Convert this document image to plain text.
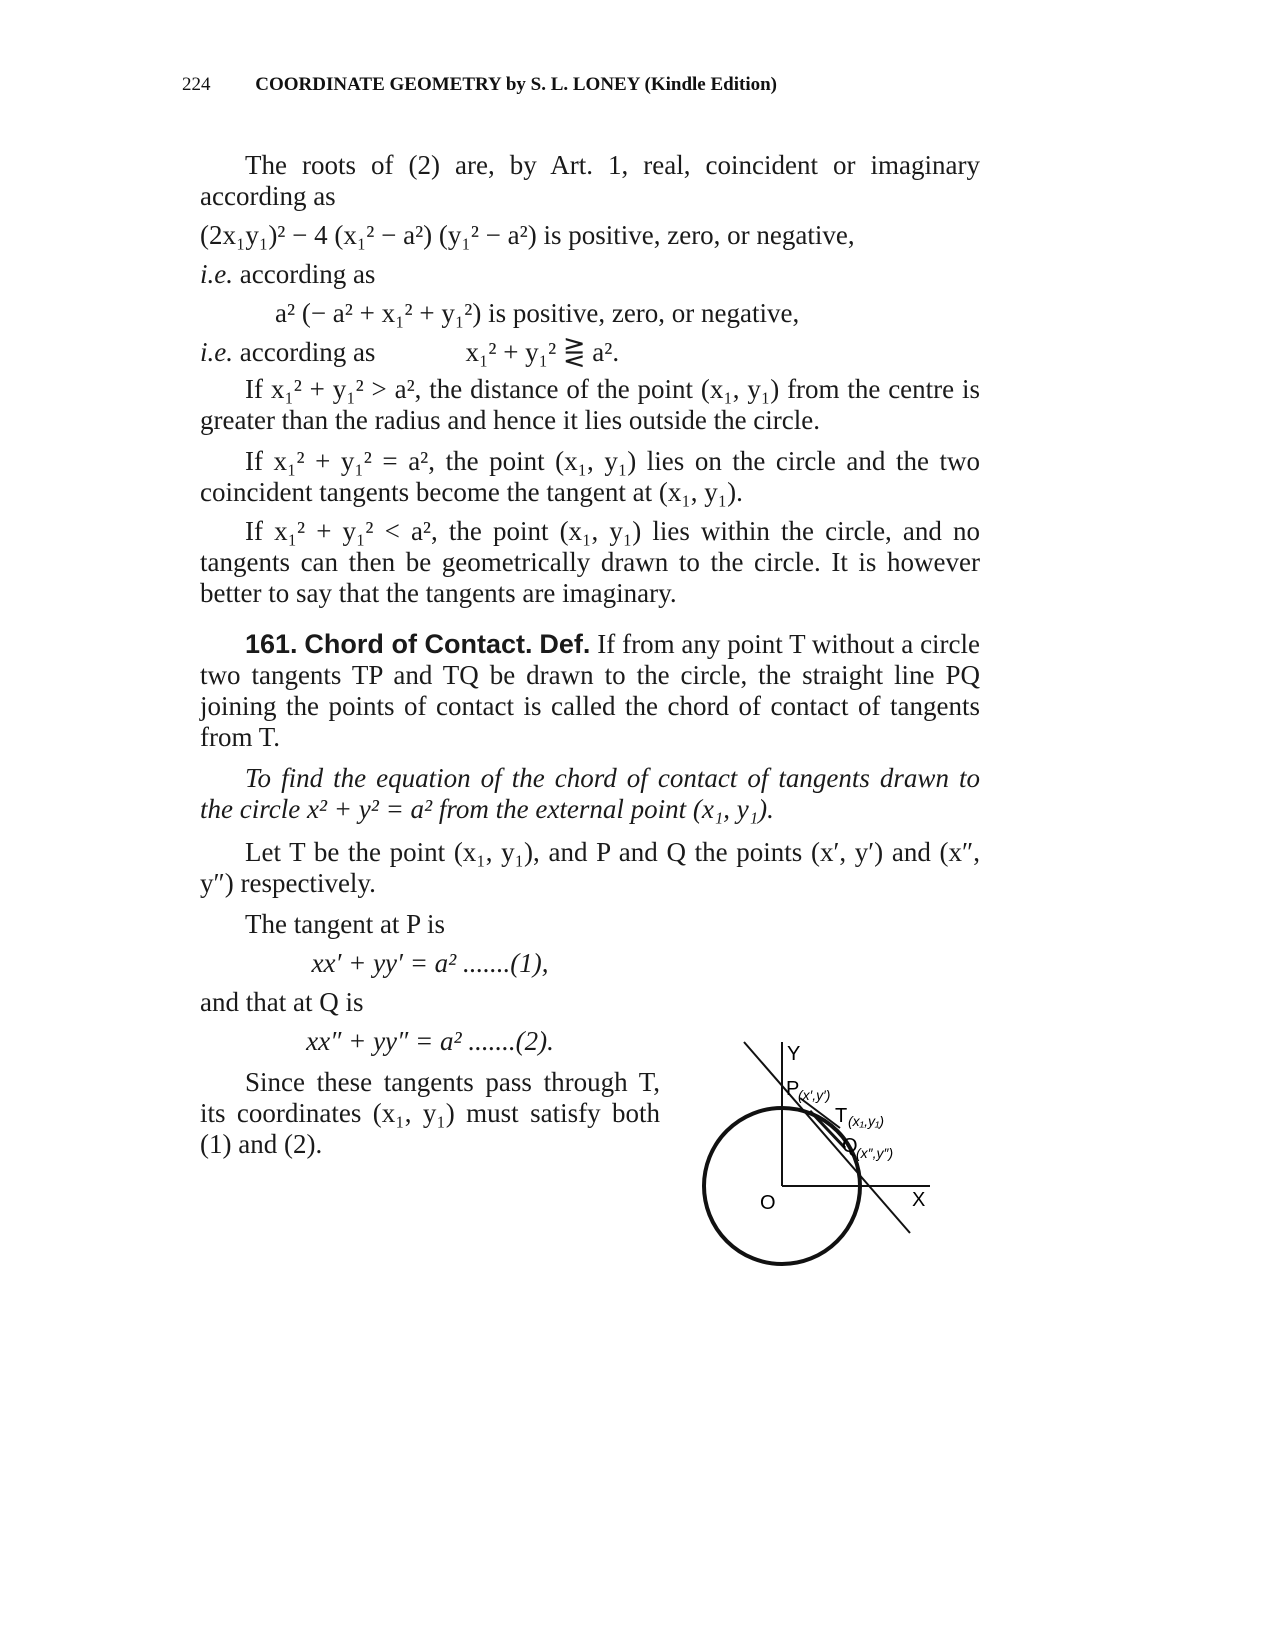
224 COORDINATE GEOMETRY by S. L. LONEY (Kindle Edition)

The roots of (2) are, by Art. 1, real, coincident or imaginary according as

(2x₁y₁)² − 4 (x₁² − a²) (y₁² − a²) is positive, zero, or negative,

i.e. according as

a² (− a² + x₁² + y₁²) is positive, zero, or negative,

i.e. according as	x₁² + y₁² ⋛ a².

If x₁² + y₁² > a², the distance of the point (x₁, y₁) from the centre is greater than the radius and hence it lies outside the circle.

If x₁² + y₁² = a², the point (x₁, y₁) lies on the circle and the two coincident tangents become the tangent at (x₁, y₁).

If x₁² + y₁² < a², the point (x₁, y₁) lies within the circle, and no tangents can then be geometrically drawn to the circle. It is however better to say that the tangents are imaginary.

161. Chord of Contact. Def. If from any point T without a circle two tangents TP and TQ be drawn to the circle, the straight line PQ joining the points of contact is called the chord of contact of tangents from T.

To find the equation of the chord of contact of tangents drawn to the circle x² + y² = a² from the external point (x₁, y₁).

Let T be the point (x₁, y₁), and P and Q the points (x′, y′) and (x″, y″) respectively.

The tangent at P is

xx′ + yy′ = a² .......(1),

and that at Q is

xx″ + yy″ = a² .......(2).

Since these tangents pass through T, its coordinates (x₁, y₁) must satisfy both (1) and (2).

Y
X
O
P
(x′,y′)
T (x₁,y₁)
Q
(x″,y″)
